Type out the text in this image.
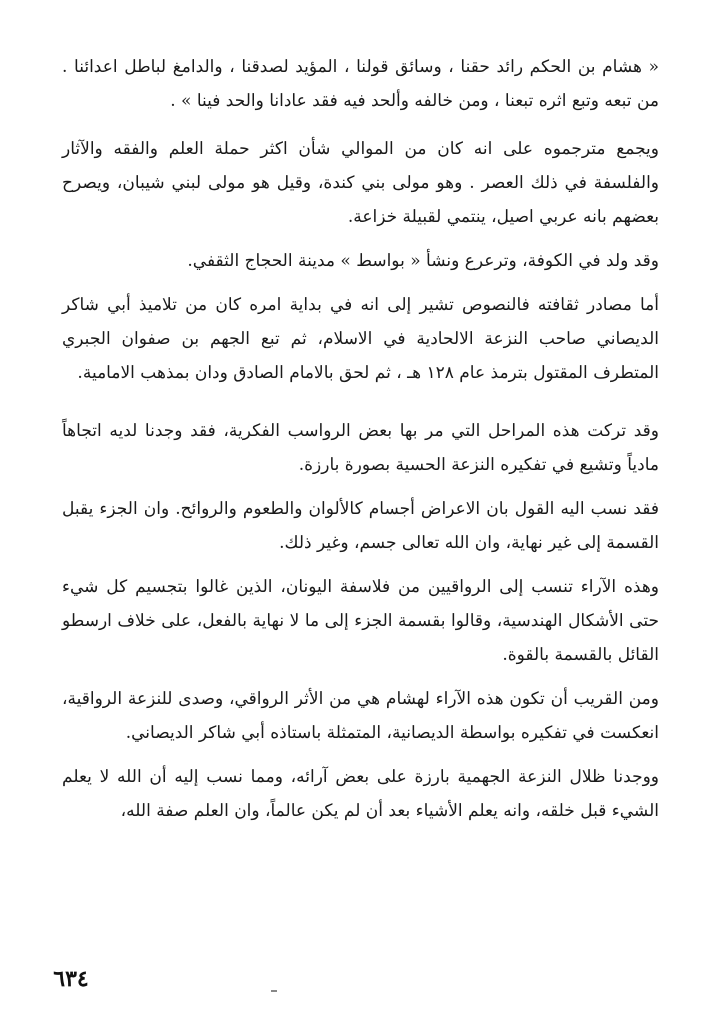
« هشام بن الحكم رائد حقنا ، وسائق قولنا ، المؤيد لصدقنا ، والدامغ لباطل اعدائنا . من تبعه وتبع اثره تبعنا ، ومن خالفه وألحد فيه فقد عادانا والحد فينا » .

ويجمع مترجموه على انه كان من الموالي شأن اكثر حملة العلم والفقه والآثار والفلسفة في ذلك العصر . وهو مولى بني كندة، وقيل هو مولى لبني شيبان، ويصرح بعضهم بانه عربي اصيل، ينتمي لقبيلة خزاعة.

وقد ولد في الكوفة، وترعرع ونشأ « بواسط » مدينة الحجاج الثقفي.

أما مصادر ثقافته فالنصوص تشير إلى انه في بداية امره كان من تلاميذ أبي شاكر الديصاني صاحب النزعة الالحادية في الاسلام، ثم تبع الجهم بن صفوان الجبري المتطرف المقتول بترمذ عام ١٢٨ هـ ، ثم لحق بالامام الصادق ودان بمذهب الامامية.

وقد تركت هذه المراحل التي مر بها بعض الرواسب الفكرية، فقد وجدنا لديه اتجاهاً مادياً وتشيع في تفكيره النزعة الحسية بصورة بارزة.

فقد نسب اليه القول بان الاعراض أجسام كالألوان والطعوم والروائح. وان الجزء يقبل القسمة إلى غير نهاية، وان الله تعالى جسم، وغير ذلك.

وهذه الآراء تنسب إلى الرواقيين من فلاسفة اليونان، الذين غالوا بتجسيم كل شيء حتى الأشكال الهندسية، وقالوا بقسمة الجزء إلى ما لا نهاية بالفعل، على خلاف ارسطو القائل بالقسمة بالقوة.

ومن القريب أن تكون هذه الآراء لهشام هي من الأثر الرواقي، وصدى للنزعة الرواقية، انعكست في تفكيره بواسطة الديصانية، المتمثلة باستاذه أبي شاكر الديصاني.

ووجدنا ظلال النزعة الجهمية بارزة على بعض آرائه، ومما نسب إليه أن الله لا يعلم الشيء قبل خلقه، وانه يعلم الأشياء بعد أن لم يكن عالماً، وان العلم صفة الله،

٦٣٤
